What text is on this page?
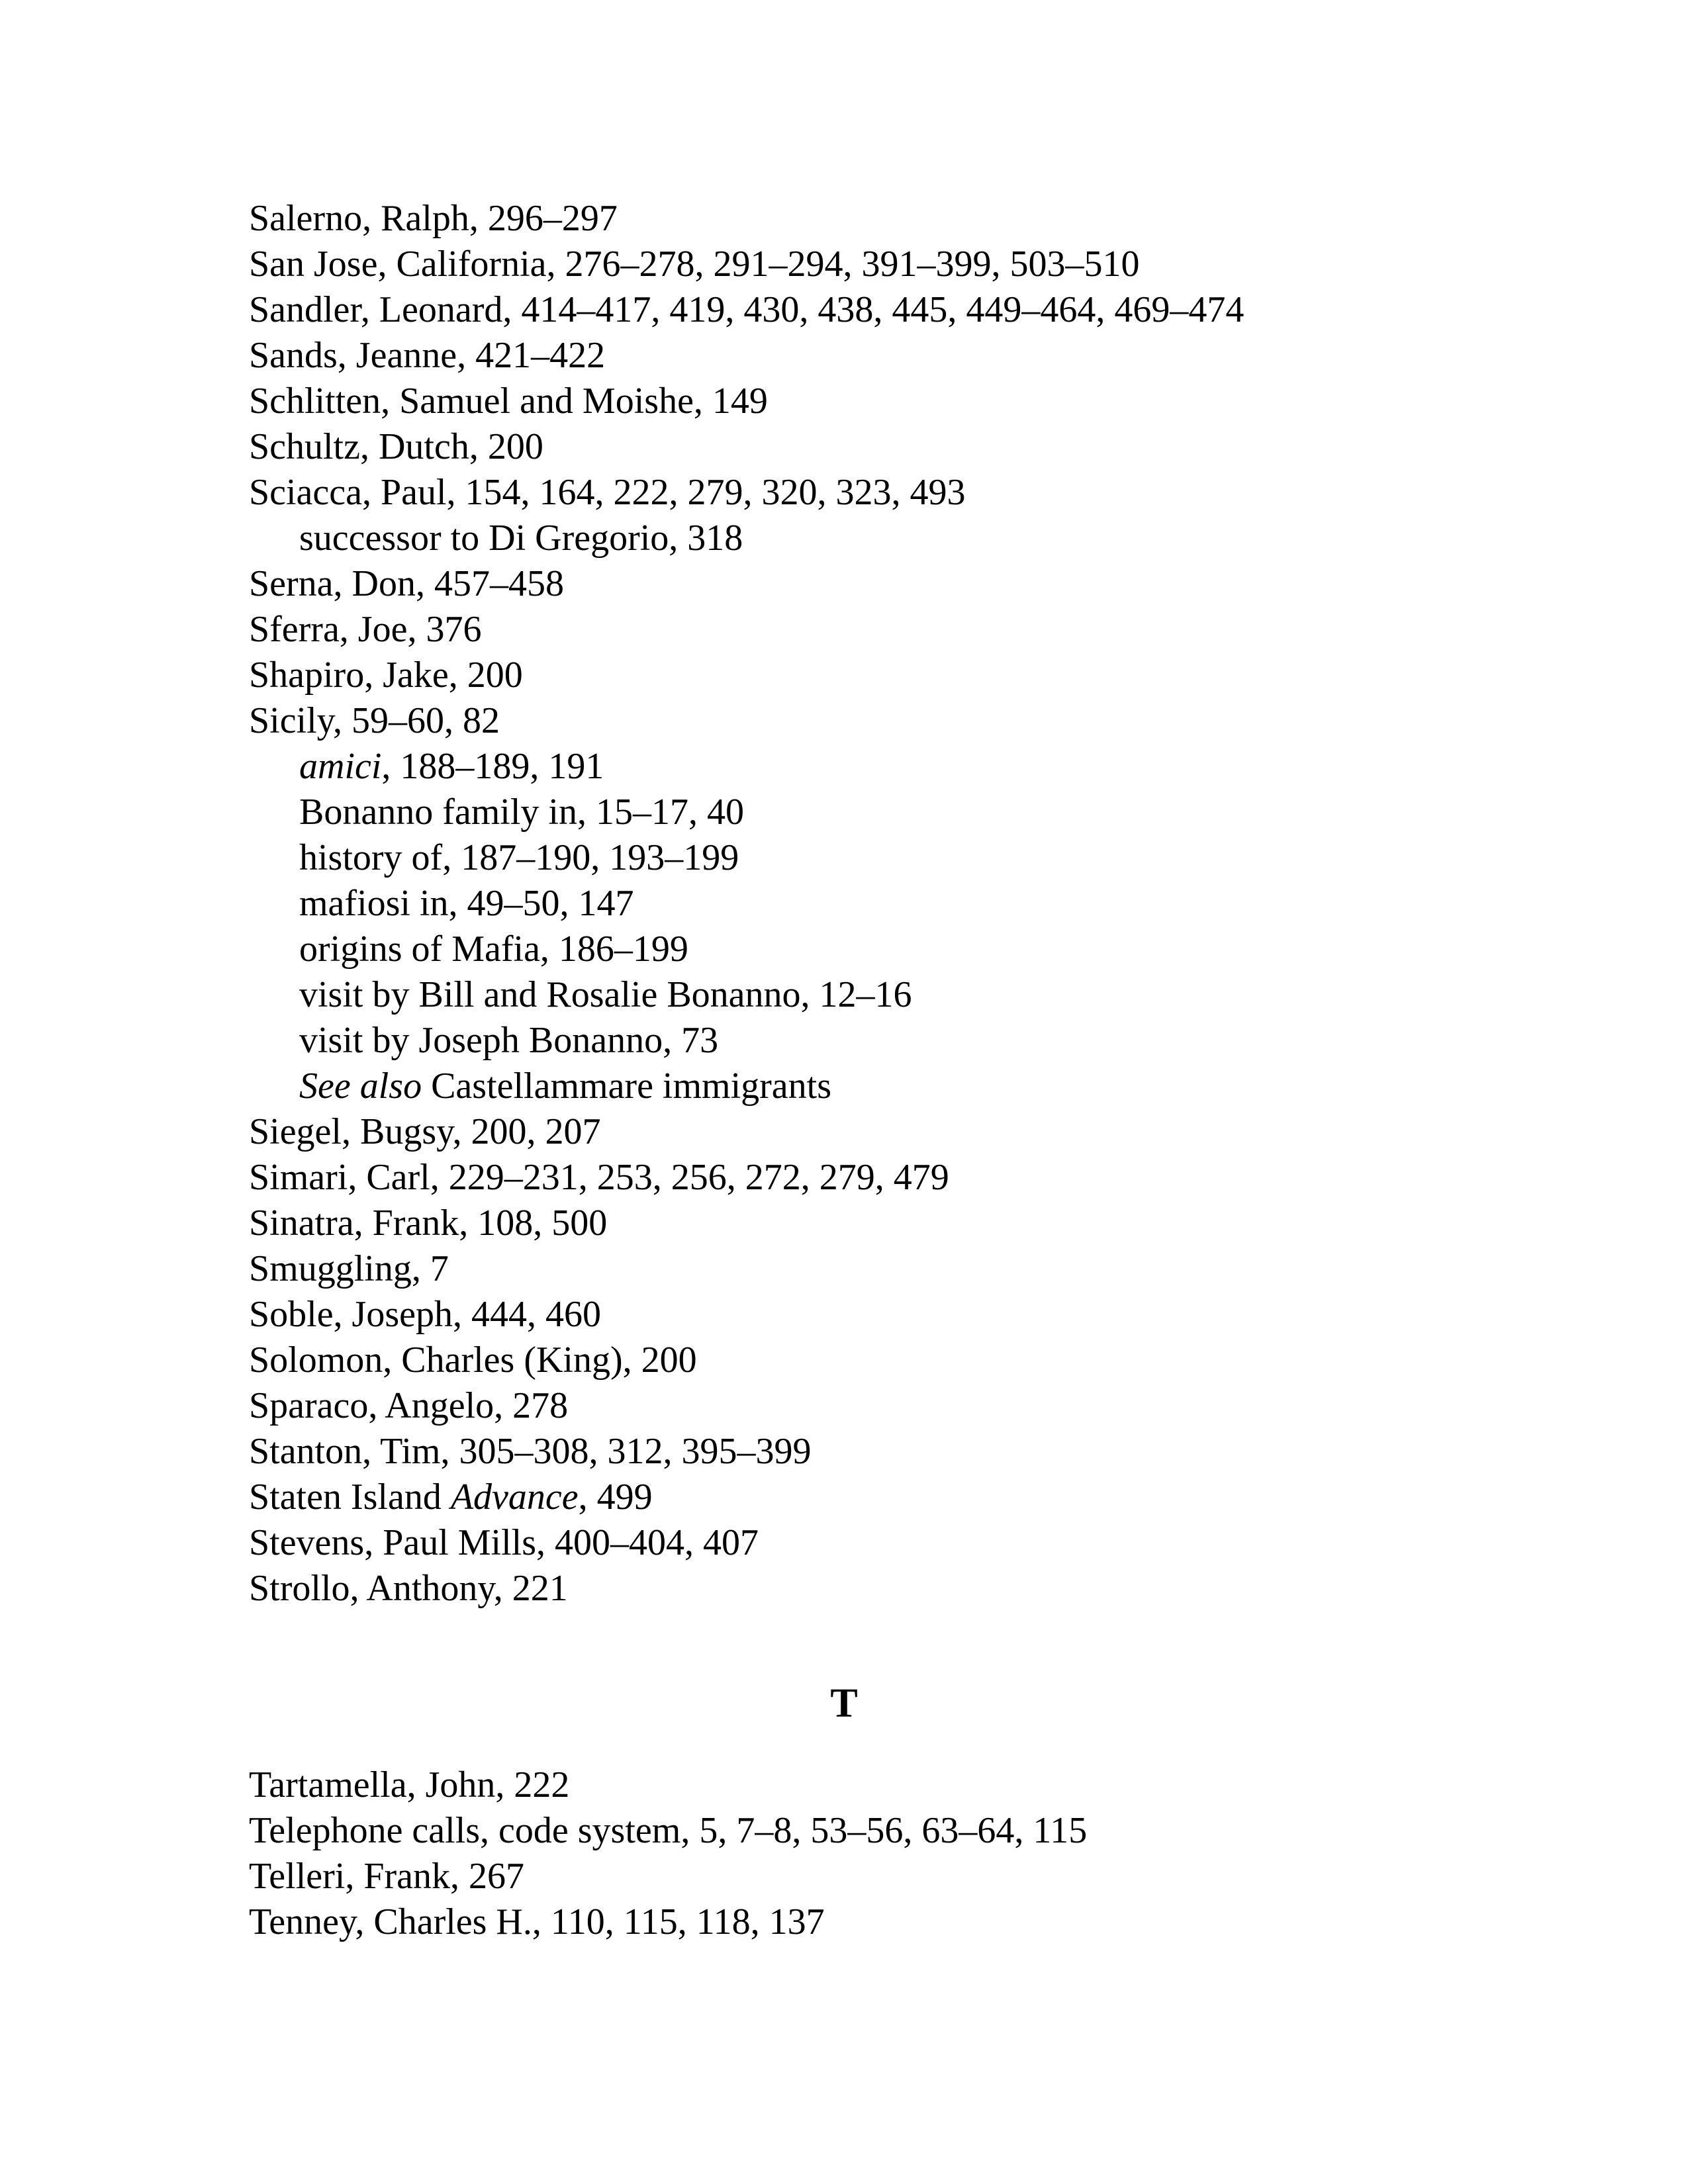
Salerno, Ralph, 296–297
San Jose, California, 276–278, 291–294, 391–399, 503–510
Sandler, Leonard, 414–417, 419, 430, 438, 445, 449–464, 469–474
Sands, Jeanne, 421–422
Schlitten, Samuel and Moishe, 149
Schultz, Dutch, 200
Sciacca, Paul, 154, 164, 222, 279, 320, 323, 493
successor to Di Gregorio, 318
Serna, Don, 457–458
Sferra, Joe, 376
Shapiro, Jake, 200
Sicily, 59–60, 82
amici, 188–189, 191
Bonanno family in, 15–17, 40
history of, 187–190, 193–199
mafiosi in, 49–50, 147
origins of Mafia, 186–199
visit by Bill and Rosalie Bonanno, 12–16
visit by Joseph Bonanno, 73
See also Castellammare immigrants
Siegel, Bugsy, 200, 207
Simari, Carl, 229–231, 253, 256, 272, 279, 479
Sinatra, Frank, 108, 500
Smuggling, 7
Soble, Joseph, 444, 460
Solomon, Charles (King), 200
Sparaco, Angelo, 278
Stanton, Tim, 305–308, 312, 395–399
Staten Island Advance, 499
Stevens, Paul Mills, 400–404, 407
Strollo, Anthony, 221
T
Tartamella, John, 222
Telephone calls, code system, 5, 7–8, 53–56, 63–64, 115
Telleri, Frank, 267
Tenney, Charles H., 110, 115, 118, 137
